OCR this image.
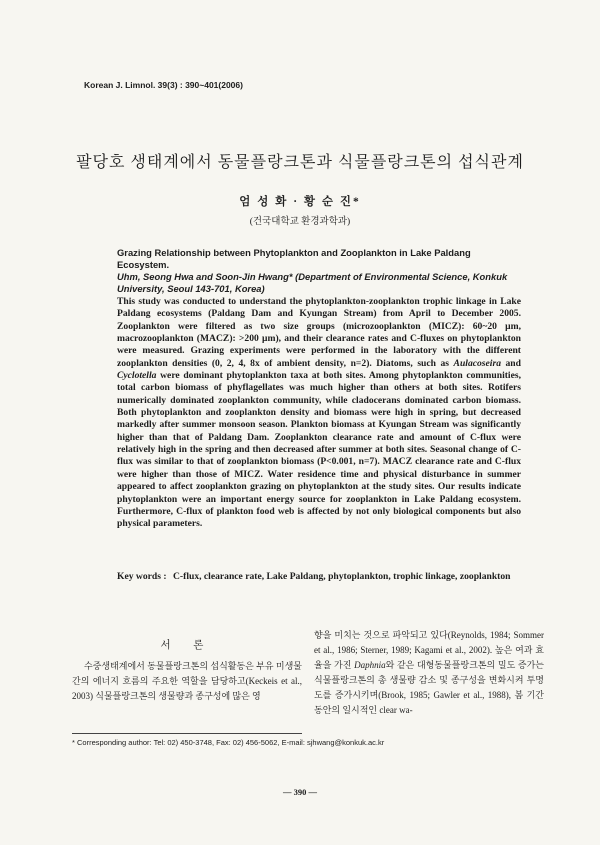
Korean J. Limnol. 39(3) : 390~401(2006)
팔당호 생태계에서 동물플랑크톤과 식물플랑크톤의 섭식관계
엄 성 화 · 황 순 진*
(건국대학교 환경과학과)
Grazing Relationship between Phytoplankton and Zooplankton in Lake Paldang Ecosystem.
Uhm, Seong Hwa and Soon-Jin Hwang* (Department of Environmental Science, Konkuk University, Seoul 143-701, Korea)
This study was conducted to understand the phytoplankton-zooplankton trophic linkage in Lake Paldang ecosystems (Paldang Dam and Kyungan Stream) from April to December 2005. Zooplankton were filtered as two size groups (microzooplankton (MICZ): 60~20 μm, macrozooplankton (MACZ): >200 μm), and their clearance rates and C-fluxes on phytoplankton were measured. Grazing experiments were performed in the laboratory with the different zooplankton densities (0, 2, 4, 8x of ambient density, n=2). Diatoms, such as Aulacoseira and Cyclotella were dominant phytoplankton taxa at both sites. Among phytoplankton communities, total carbon biomass of phyflagellates was much higher than others at both sites. Rotifers numerically dominated zooplankton community, while cladocerans dominated carbon biomass. Both phytoplankton and zooplankton density and biomass were high in spring, but decreased markedly after summer monsoon season. Plankton biomass at Kyungan Stream was significantly higher than that of Paldang Dam. Zooplankton clearance rate and amount of C-flux were relatively high in the spring and then decreased after summer at both sites. Seasonal change of C-flux was similar to that of zooplankton biomass (P<0.001, n=7). MACZ clearance rate and C-flux were higher than those of MICZ. Water residence time and physical disturbance in summer appeared to affect zooplankton grazing on phytoplankton at the study sites. Our results indicate phytoplankton were an important energy source for zooplankton in Lake Paldang ecosystem. Furthermore, C-flux of plankton food web is affected by not only biological components but also physical parameters.
Key words : C-flux, clearance rate, Lake Paldang, phytoplankton, trophic linkage, zooplankton
서 론
수중생태계에서 동물플랑크톤의 섭식활동은 부유 미생물 간의 에너지 흐름의 주요한 역할을 담당하고(Keckeis et al., 2003) 식물플랑크톤의 생물량과 종구성에 많은 영
향을 미치는 것으로 파악되고 있다(Reynolds, 1984; Sommer et al., 1986; Sterner, 1989; Kagami et al., 2002). 높은 여과 효율을 가진 Daphnia와 같은 대형동물플랑크톤의 밀도 증가는 식물플랑크톤의 총 생물량 감소 및 종구성을 변화시켜 투명도를 증가시키며(Brook, 1985; Gawler et al., 1988), 봄 기간 동안의 일시적인 clear wa-
* Corresponding author: Tel: 02) 450-3748, Fax: 02) 456-5062, E-mail: sjhwang@konkuk.ac.kr
— 390 —
